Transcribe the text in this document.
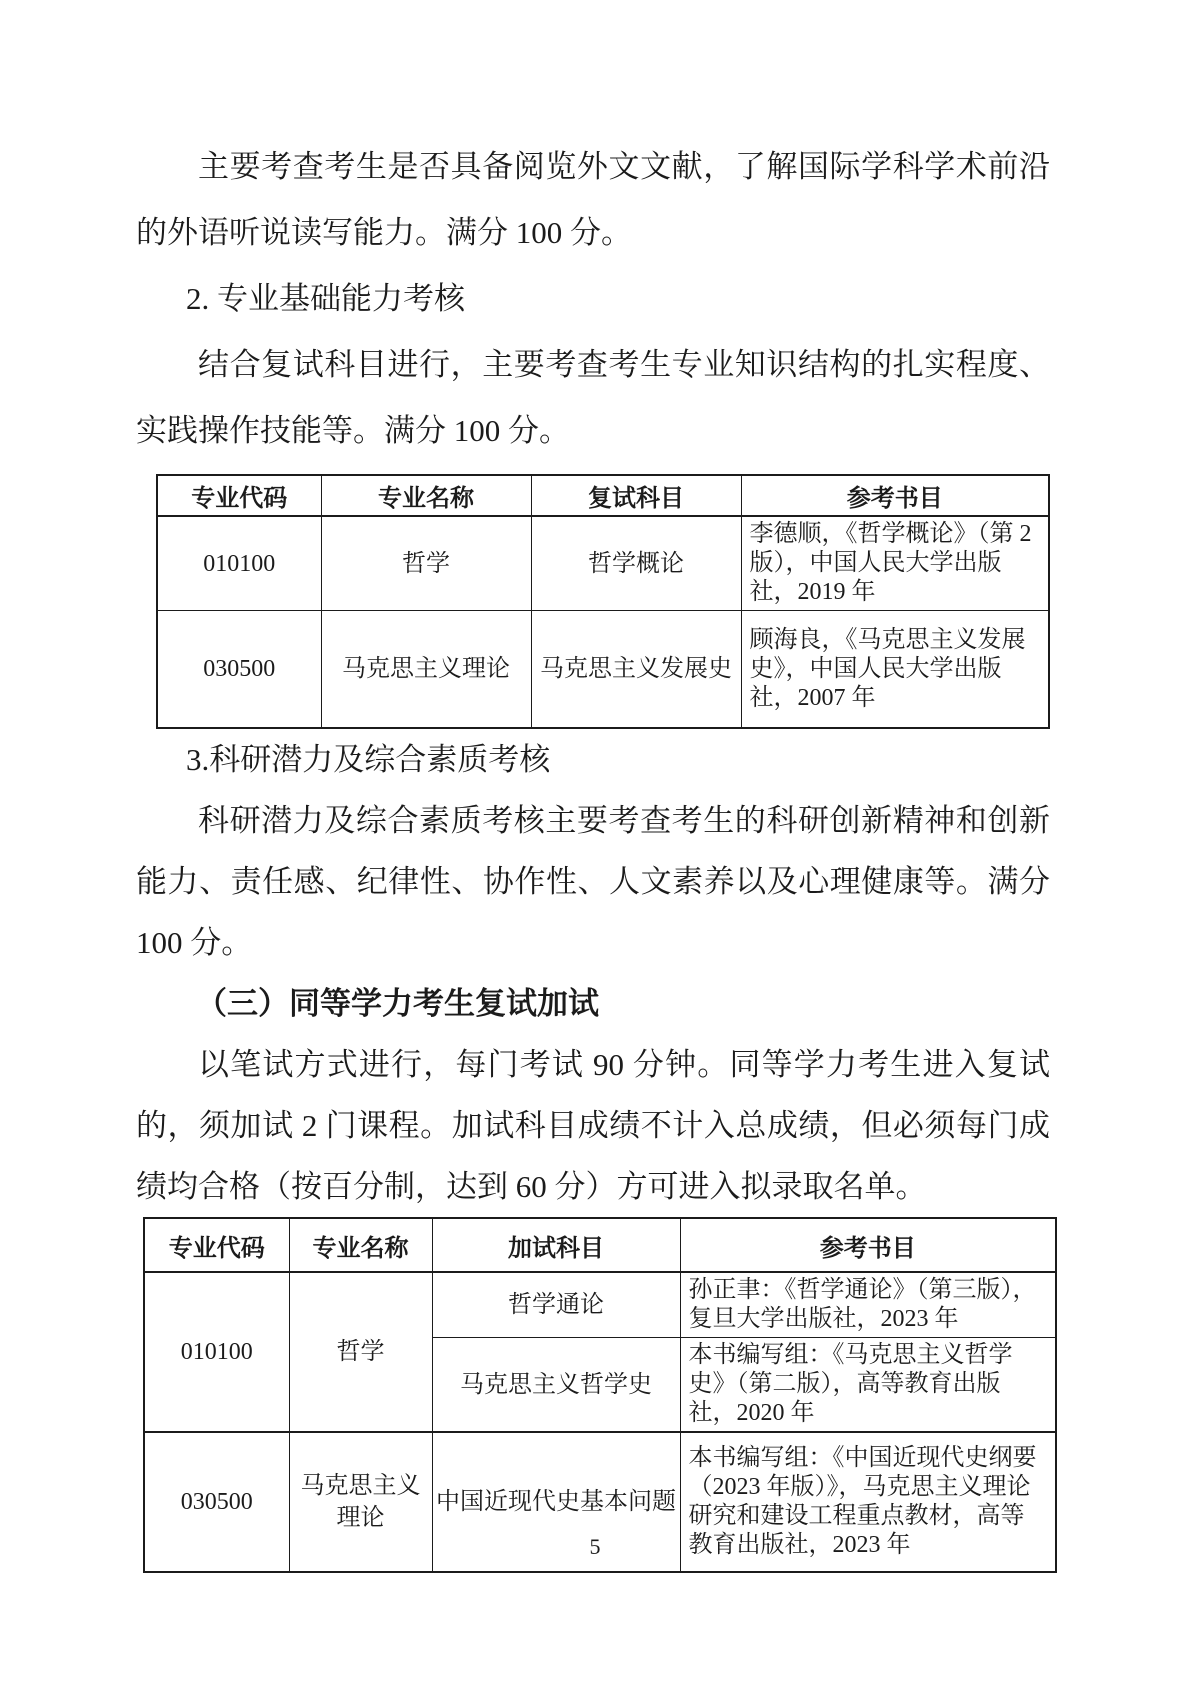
主要考查考生是否具备阅览外文文献，了解国际学科学术前沿的外语听说读写能力。满分 100 分。

2. 专业基础能力考核

结合复试科目进行，主要考查考生专业知识结构的扎实程度、实践操作技能等。满分 100 分。

专业代码	专业名称	复试科目	参考书目
010100	哲学	哲学概论	李德顺，《哲学概论》（第 2 版），中国人民大学出版社，2019 年
030500	马克思主义理论	马克思主义发展史	顾海良，《马克思主义发展史》，中国人民大学出版社，2007 年

3.科研潜力及综合素质考核

科研潜力及综合素质考核主要考查考生的科研创新精神和创新能力、责任感、纪律性、协作性、人文素养以及心理健康等。满分 100 分。

（三）同等学力考生复试加试

以笔试方式进行，每门考试 90 分钟。同等学力考生进入复试的，须加试 2 门课程。加试科目成绩不计入总成绩，但必须每门成绩均合格（按百分制，达到 60 分）方可进入拟录取名单。

专业代码	专业名称	加试科目	参考书目
010100	哲学	哲学通论	孙正聿：《哲学通论》（第三版），复旦大学出版社，2023 年
		马克思主义哲学史	本书编写组：《马克思主义哲学史》（第二版），高等教育出版社，2020 年
030500	马克思主义理论	中国近现代史基本问题	本书编写组：《中国近现代史纲要（2023 年版）》，马克思主义理论研究和建设工程重点教材，高等教育出版社，2023 年
5
